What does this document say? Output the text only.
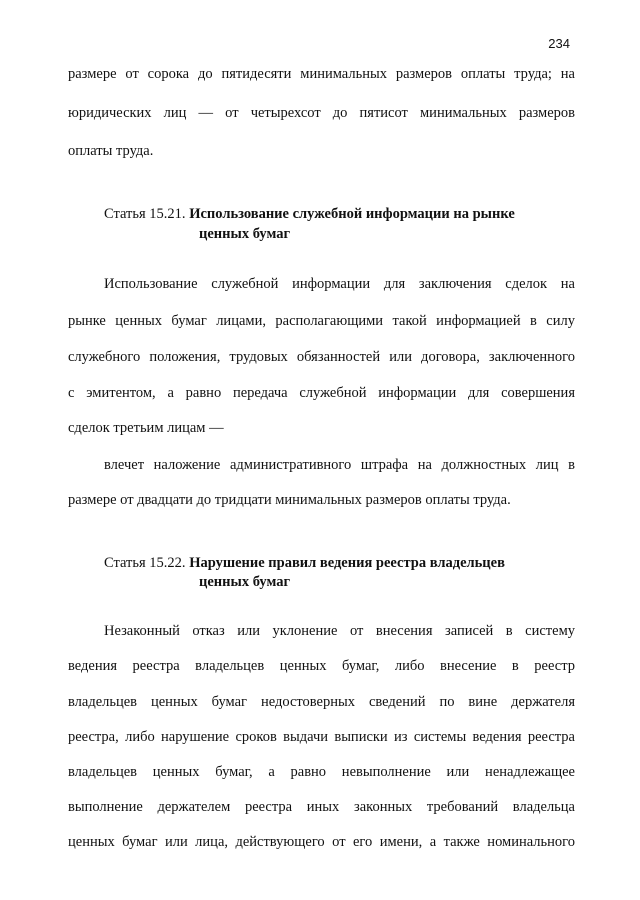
234
размере от сорока до пятидесяти минимальных размеров оплаты труда; на
юридических лиц — от четырехсот до пятисот минимальных размеров
оплаты труда.
Статья 15.21. Использование служебной информации на рынке
ценных бумаг
Использование служебной информации для заключения сделок на
рынке ценных бумаг лицами, располагающими такой информацией в силу
служебного положения, трудовых обязанностей или договора, заключенного
с эмитентом, а равно передача служебной информации для совершения
сделок третьим лицам —
влечет наложение административного штрафа на должностных лиц в
размере от двадцати до тридцати минимальных размеров оплаты труда.
Статья 15.22. Нарушение правил ведения реестра владельцев
ценных бумаг
Незаконный отказ или уклонение от внесения записей в систему
ведения реестра владельцев ценных бумаг, либо внесение в реестр
владельцев ценных бумаг недостоверных сведений по вине держателя
реестра, либо нарушение сроков выдачи выписки из системы ведения реестра
владельцев ценных бумаг, а равно невыполнение или ненадлежащее
выполнение держателем реестра иных законных требований владельца
ценных бумаг или лица, действующего от его имени, а также номинального
